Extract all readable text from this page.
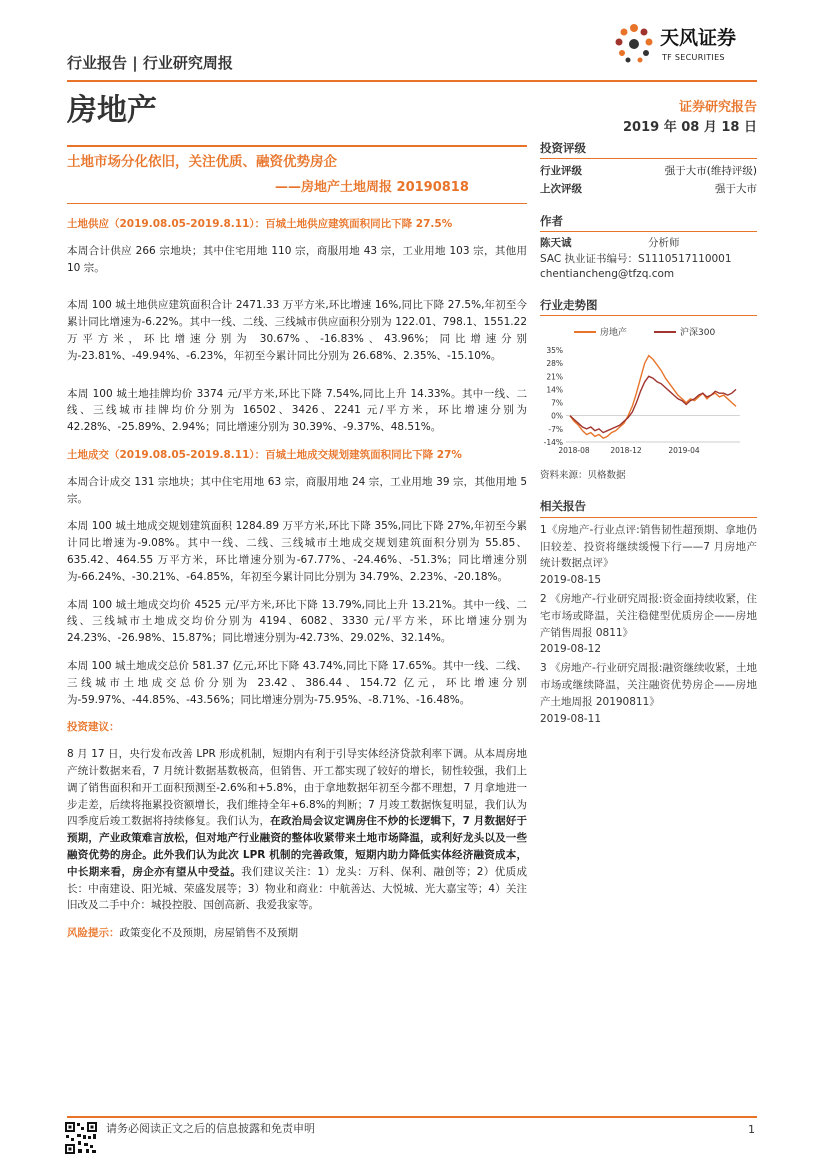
天风证券
TF SECURITIES
行业报告 | 行业研究周报
房地产	证券研究报告
2019 年 08 月 18 日
土地市场分化依旧，关注优质、融资优势房企
——房地产土地周报 20190818
土地供应（2019.08.05-2019.8.11）：百城土地供应建筑面积同比下降 27.5%

本周合计供应 266 宗地块；其中住宅用地 110 宗，商服用地 43 宗，工业用地 103 宗，其他用 10 宗。

本周 100 城土地供应建筑面积合计 2471.33 万平方米,环比增速 16%,同比下降 27.5%,年初至今累计同比增速为-6.22%。其中一线、二线、三线城市供应面积分别为 122.01、798.1、1551.22 万平方米，环比增速分别为 30.67%、-16.83%、43.96%；同比增速分别为-23.81%、-49.94%、-6.23%，年初至今累计同比分别为 26.68%、2.35%、-15.10%。

本周 100 城土地挂牌均价 3374 元/平方米,环比下降 7.54%,同比上升 14.33%。其中一线、二线、三线城市挂牌均价分别为 16502、3426、2241 元/平方米，环比增速分别为 42.28%、-25.89%、2.94%；同比增速分别为 30.39%、-9.37%、48.51%。

土地成交（2019.08.05-2019.8.11）：百城土地成交规划建筑面积同比下降 27%

本周合计成交 131 宗地块；其中住宅用地 63 宗，商服用地 24 宗，工业用地 39 宗，其他用地 5 宗。

本周 100 城土地成交规划建筑面积 1284.89 万平方米,环比下降 35%,同比下降 27%,年初至今累计同比增速为-9.08%。其中一线、二线、三线城市土地成交规划建筑面积分别为 55.85、635.42、464.55 万平方米，环比增速分别为-67.77%、-24.46%、-51.3%；同比增速分别为-66.24%、-30.21%、-64.85%，年初至今累计同比分别为 34.79%、2.23%、-20.18%。

本周 100 城土地成交均价 4525 元/平方米,环比下降 13.79%,同比上升 13.21%。其中一线、二线、三线城市土地成交均价分别为 4194、6082、3330 元/平方米，环比增速分别为 24.23%、-26.98%、15.87%；同比增速分别为-42.73%、29.02%、32.14%。

本周 100 城土地成交总价 581.37 亿元,环比下降 43.74%,同比下降 17.65%。其中一线、二线、三线城市土地成交总价分别为 23.42、386.44、154.72 亿元，环比增速分别为-59.97%、-44.85%、-43.56%；同比增速分别为-75.95%、-8.71%、-16.48%。

投资建议：

8 月 17 日，央行发布改善 LPR 形成机制，短期内有利于引导实体经济贷款利率下调。从本周房地产统计数据来看，7 月统计数据基数极高，但销售、开工都实现了较好的增长，韧性较强，我们上调了销售面积和开工面积预测至-2.6%和+5.8%，由于拿地数据年初至今都不理想，7 月拿地进一步走差，后续将拖累投资额增长，我们维持全年+6.8%的判断；7 月竣工数据恢复明显，我们认为四季度后竣工数据将持续修复。我们认为，在政治局会议定调房住不炒的长逻辑下，7 月数据好于预期，产业政策难言放松，但对地产行业融资的整体收紧带来土地市场降温，或利好龙头以及一些融资优势的房企。此外我们认为此次 LPR 机制的完善政策，短期内助力降低实体经济融资成本，中长期来看，房企亦有望从中受益。我们建议关注：1）龙头：万科、保利、融创等；2）优质成长：中南建设、阳光城、荣盛发展等；3）物业和商业：中航善达、大悦城、光大嘉宝等；4）关注旧改及二手中介：城投控股、国创高新、我爱我家等。

风险提示：政策变化不及预期，房屋销售不及预期

投资评级
行业评级	强于大市(维持评级)
上次评级	强于大市
作者
陈天诚	分析师
SAC 执业证书编号：S1110517110001
chentiancheng@tfzq.com
行业走势图
房地产	沪深300
35%
28%
21%
14%
7%
0%
-7%
-14%
2018-08	2018-12	2019-04
资料来源：贝格数据
相关报告
1《房地产-行业点评:销售韧性超预期、拿地仍旧较差、投资将继续缓慢下行——7 月房地产统计数据点评》
2019-08-15
2 《房地产-行业研究周报:资金面持续收紧，住宅市场或降温，关注稳健型优质房企——房地产销售周报 0811》
2019-08-12
3 《房地产-行业研究周报:融资继续收紧，土地市场或继续降温，关注融资优势房企——房地产土地周报 20190811》
2019-08-11
请务必阅读正文之后的信息披露和免责申明	1
